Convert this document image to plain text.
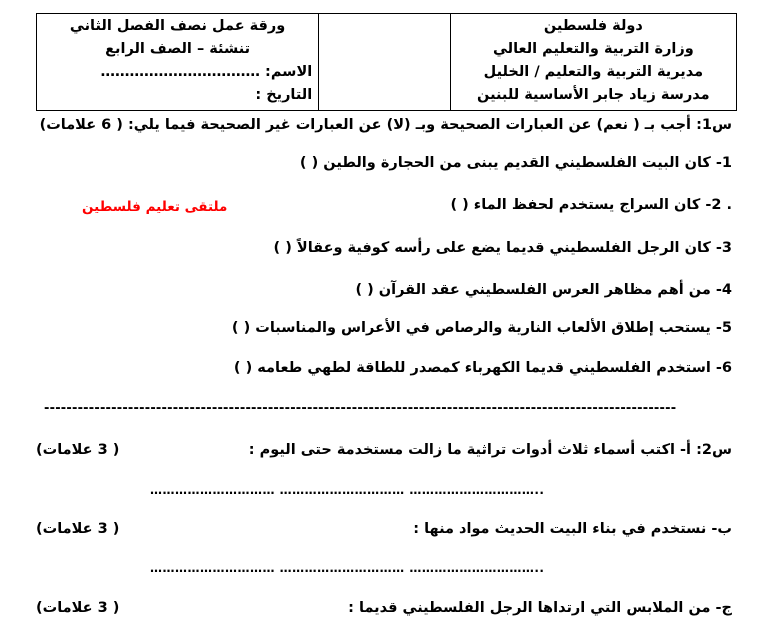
ورقة عمل نصف الفصل الثاني
تنشئة – الصف الرابع
الاسم: ……………………………
التاريخ :

دولة فلسطين
وزارة التربية والتعليم العالي
مديرية التربية والتعليم / الخليل
مدرسة زياد جابر الأساسية للبنين
س1: أجب بـ ( نعم) عن العبارات الصحيحة وبـ (لا) عن العبارات غير الصحيحة فيما يلي: ( 6 علامات)
1- كان البيت الفلسطيني القديم يبنى من الحجارة والطين ( )
. 2- كان السراج يستخدم لحفظ الماء ( )
ملتقى تعليم فلسطين
3- كان الرجل الفلسطيني قديما يضع على رأسه كوفية وعقالاً ( )
4- من أهم مظاهر العرس الفلسطيني عقد القرآن ( )
5- يستحب إطلاق الألعاب النارية والرصاص في الأعراس والمناسبات ( )
6- استخدم الفلسطيني قديما الكهرباء كمصدر للطاقة لطهي طعامه ( )
-----------------------------------------------------------------------------------------------------------------
س2: أ- اكتب أسماء ثلاث أدوات تراثية ما زالت مستخدمة حتى اليوم :
( 3 علامات)
………………………… ………………………… …………………………..
ب- نستخدم في بناء البيت الحديث مواد منها :
( 3 علامات)
………………………… ………………………… …………………………..
ج- من الملابس التي ارتداها الرجل الفلسطيني قديما :
( 3 علامات)
